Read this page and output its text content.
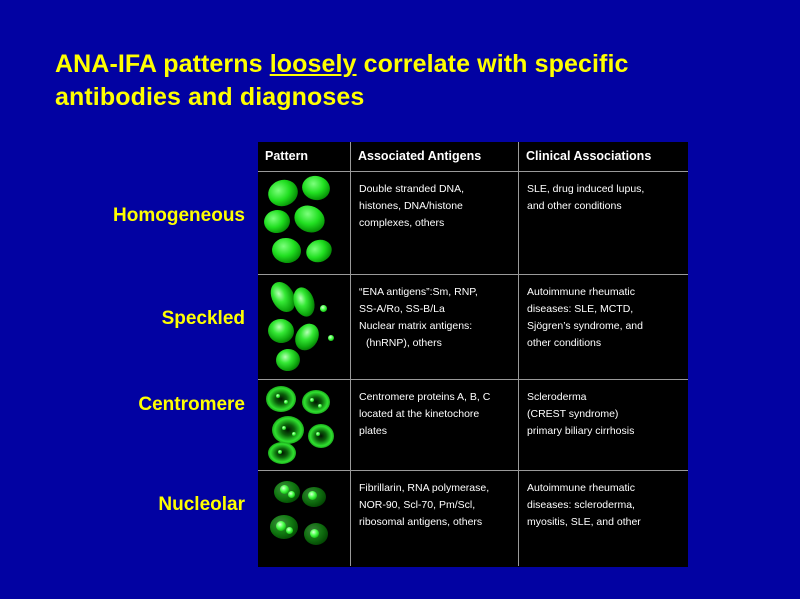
ANA-IFA patterns loosely correlate with specific
antibodies and diagnoses
Homogeneous
Speckled
Centromere
Nucleolar
Pattern	Associated Antigens	Clinical Associations
Double stranded DNA,
histones, DNA/histone
complexes, others
SLE, drug induced lupus,
and other conditions
“ENA antigens”:Sm, RNP,
SS-A/Ro, SS-B/La
Nuclear matrix antigens:
(hnRNP), others
Autoimmune rheumatic
diseases: SLE, MCTD,
Sjögren’s syndrome, and
other conditions
Centromere proteins A, B, C
located at the kinetochore
plates
Scleroderma
(CREST syndrome)
primary biliary cirrhosis
Fibrillarin, RNA polymerase,
NOR-90, Scl-70, Pm/Scl,
ribosomal antigens, others
Autoimmune rheumatic
diseases: scleroderma,
myositis, SLE, and other
